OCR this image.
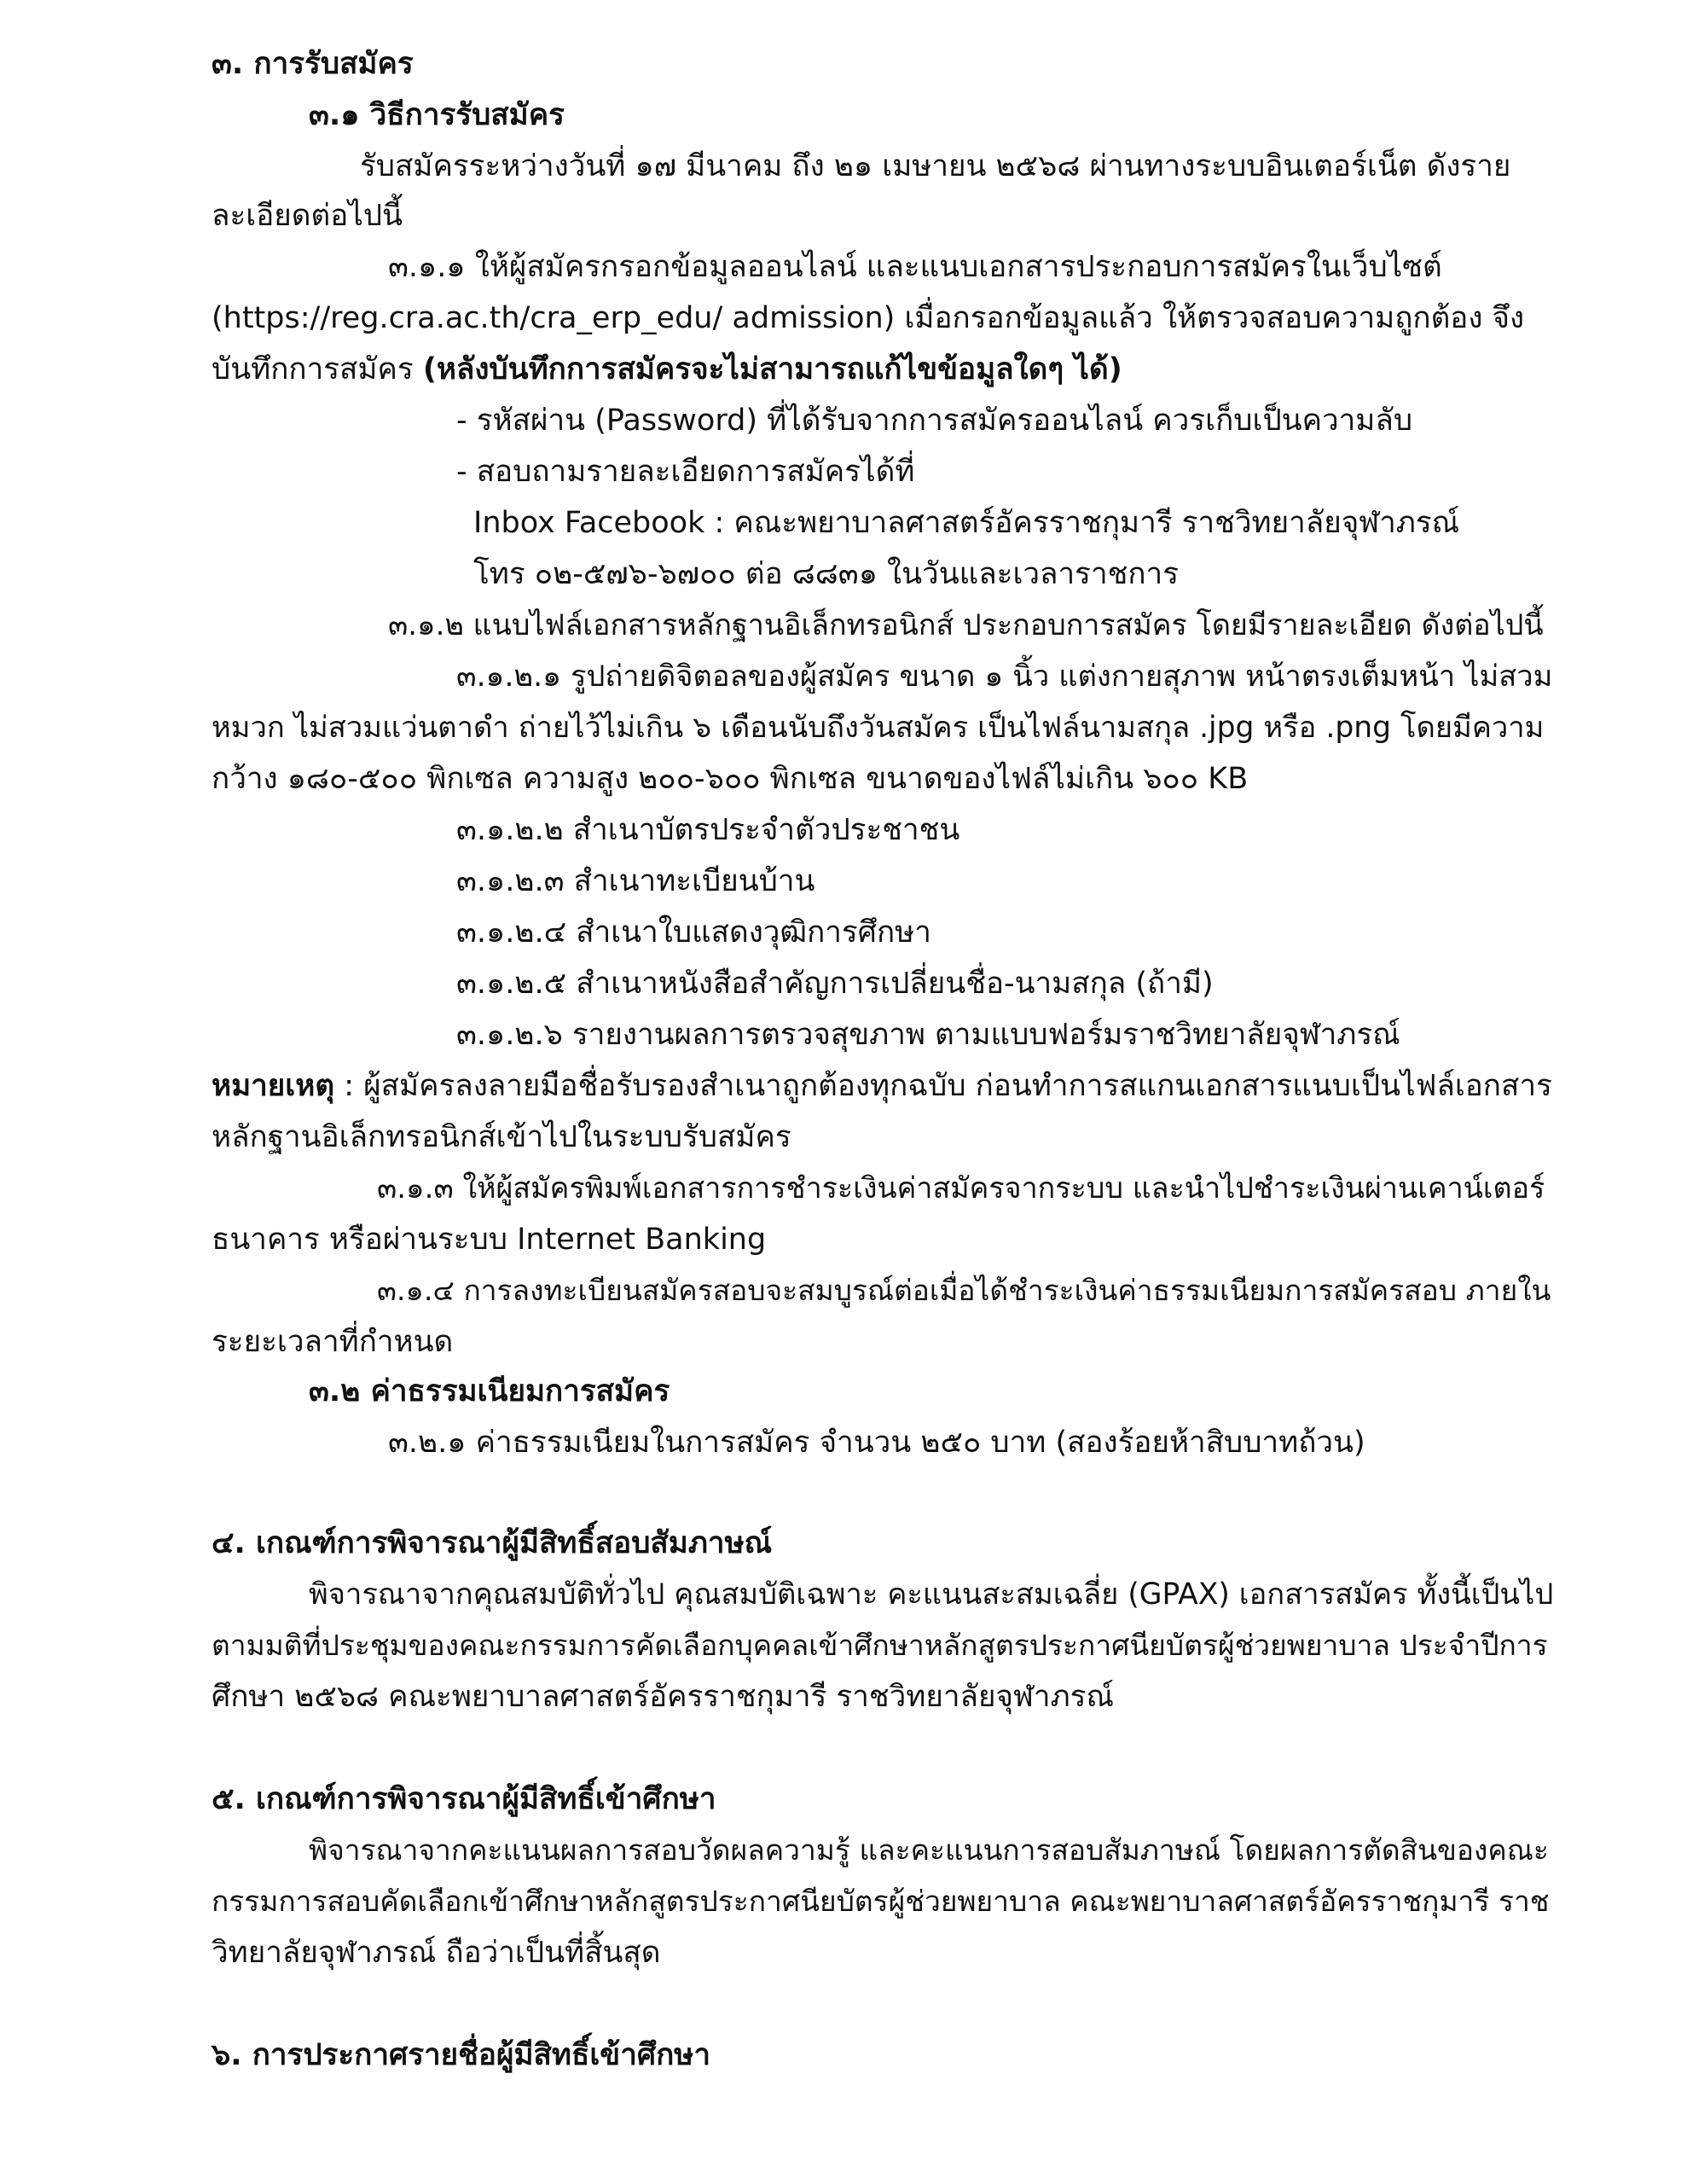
๓. การรับสมัคร
๓.๑ วิธีการรับสมัคร
รับสมัครระหว่างวันที่ ๑๗ มีนาคม ถึง ๒๑ เมษายน ๒๕๖๘ ผ่านทางระบบอินเตอร์เน็ต ดังราย
ละเอียดต่อไปนี้
๓.๑.๑ ให้ผู้สมัครกรอกข้อมูลออนไลน์ และแนบเอกสารประกอบการสมัครในเว็บไซต์
(https://reg.cra.ac.th/cra_erp_edu/ admission) เมื่อกรอกข้อมูลแล้ว ให้ตรวจสอบความถูกต้อง จึง
บันทึกการสมัคร (หลังบันทึกการสมัครจะไม่สามารถแก้ไขข้อมูลใดๆ ได้)
- รหัสผ่าน (Password) ที่ได้รับจากการสมัครออนไลน์ ควรเก็บเป็นความลับ
- สอบถามรายละเอียดการสมัครได้ที่
Inbox Facebook : คณะพยาบาลศาสตร์อัครราชกุมารี ราชวิทยาลัยจุฬาภรณ์
โทร ๐๒-๕๗๖-๖๗๐๐ ต่อ ๘๘๓๑ ในวันและเวลาราชการ
๓.๑.๒ แนบไฟล์เอกสารหลักฐานอิเล็กทรอนิกส์ ประกอบการสมัคร โดยมีรายละเอียด ดังต่อไปนี้
๓.๑.๒.๑ รูปถ่ายดิจิตอลของผู้สมัคร ขนาด ๑ นิ้ว แต่งกายสุภาพ หน้าตรงเต็มหน้า ไม่สวม
หมวก ไม่สวมแว่นตาดำ ถ่ายไว้ไม่เกิน ๖ เดือนนับถึงวันสมัคร เป็นไฟล์นามสกุล .jpg หรือ .png โดยมีความ
กว้าง ๑๘๐-๕๐๐ พิกเซล ความสูง ๒๐๐-๖๐๐ พิกเซล ขนาดของไฟล์ไม่เกิน ๖๐๐ KB
๓.๑.๒.๒ สำเนาบัตรประจำตัวประชาชน
๓.๑.๒.๓ สำเนาทะเบียนบ้าน
๓.๑.๒.๔ สำเนาใบแสดงวุฒิการศึกษา
๓.๑.๒.๕ สำเนาหนังสือสำคัญการเปลี่ยนชื่อ-นามสกุล (ถ้ามี)
๓.๑.๒.๖ รายงานผลการตรวจสุขภาพ ตามแบบฟอร์มราชวิทยาลัยจุฬาภรณ์
หมายเหตุ : ผู้สมัครลงลายมือชื่อรับรองสำเนาถูกต้องทุกฉบับ ก่อนทำการสแกนเอกสารแนบเป็นไฟล์เอกสาร
หลักฐานอิเล็กทรอนิกส์เข้าไปในระบบรับสมัคร
๓.๑.๓ ให้ผู้สมัครพิมพ์เอกสารการชำระเงินค่าสมัครจากระบบ และนำไปชำระเงินผ่านเคาน์เตอร์
ธนาคาร หรือผ่านระบบ Internet Banking
๓.๑.๔ การลงทะเบียนสมัครสอบจะสมบูรณ์ต่อเมื่อได้ชำระเงินค่าธรรมเนียมการสมัครสอบ ภายใน
ระยะเวลาที่กำหนด
๓.๒ ค่าธรรมเนียมการสมัคร
๓.๒.๑ ค่าธรรมเนียมในการสมัคร จำนวน ๒๕๐ บาท (สองร้อยห้าสิบบาทถ้วน)
๔. เกณฑ์การพิจารณาผู้มีสิทธิ์สอบสัมภาษณ์
พิจารณาจากคุณสมบัติทั่วไป คุณสมบัติเฉพาะ คะแนนสะสมเฉลี่ย (GPAX) เอกสารสมัคร ทั้งนี้เป็นไป
ตามมติที่ประชุมของคณะกรรมการคัดเลือกบุคคลเข้าศึกษาหลักสูตรประกาศนียบัตรผู้ช่วยพยาบาล ประจำปีการ
ศึกษา ๒๕๖๘ คณะพยาบาลศาสตร์อัครราชกุมารี ราชวิทยาลัยจุฬาภรณ์
๕. เกณฑ์การพิจารณาผู้มีสิทธิ์เข้าศึกษา
พิจารณาจากคะแนนผลการสอบวัดผลความรู้ และคะแนนการสอบสัมภาษณ์ โดยผลการตัดสินของคณะ
กรรมการสอบคัดเลือกเข้าศึกษาหลักสูตรประกาศนียบัตรผู้ช่วยพยาบาล คณะพยาบาลศาสตร์อัครราชกุมารี ราช
วิทยาลัยจุฬาภรณ์ ถือว่าเป็นที่สิ้นสุด
๖. การประกาศรายชื่อผู้มีสิทธิ์เข้าศึกษา
